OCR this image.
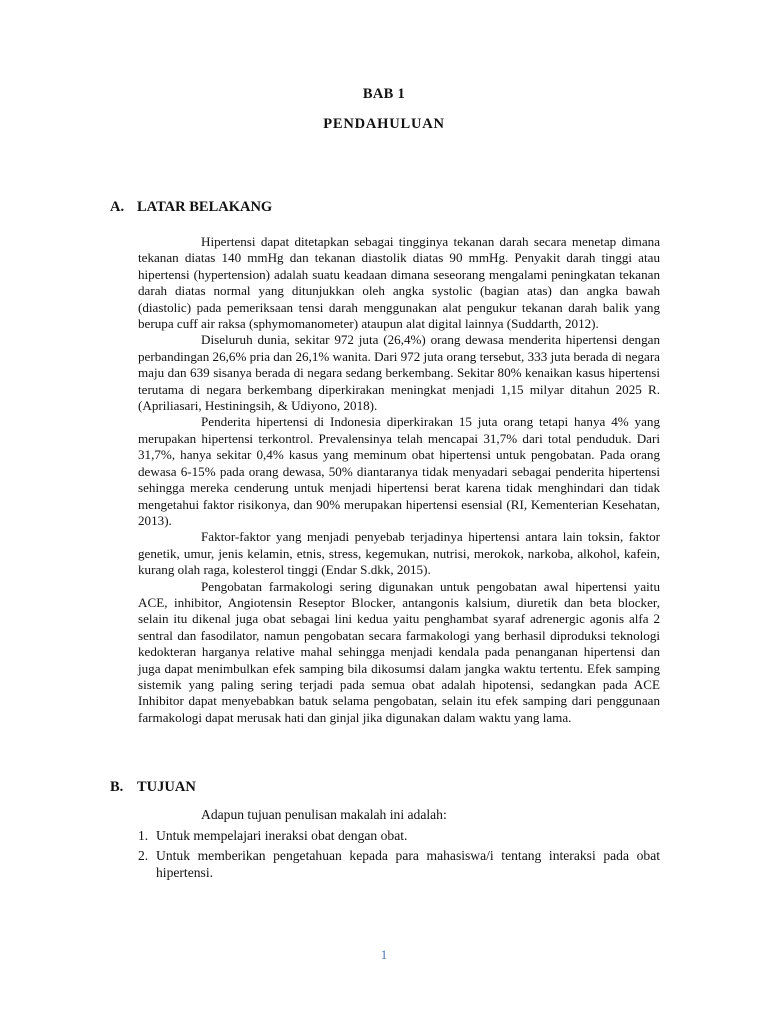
BAB 1
PENDAHULUAN
A. LATAR BELAKANG

Hipertensi dapat ditetapkan sebagai tingginya tekanan darah secara menetap dimana tekanan diatas 140 mmHg dan tekanan diastolik diatas 90 mmHg. Penyakit darah tinggi atau hipertensi (hypertension) adalah suatu keadaan dimana seseorang mengalami peningkatan tekanan darah diatas normal yang ditunjukkan oleh angka systolic (bagian atas) dan angka bawah (diastolic) pada pemeriksaan tensi darah menggunakan alat pengukur tekanan darah balik yang berupa cuff air raksa (sphymomanometer) ataupun alat digital lainnya (Suddarth, 2012).

Diseluruh dunia, sekitar 972 juta (26,4%) orang dewasa menderita hipertensi dengan perbandingan 26,6% pria dan 26,1% wanita. Dari 972 juta orang tersebut, 333 juta berada di negara maju dan 639 sisanya berada di negara sedang berkembang. Sekitar 80% kenaikan kasus hipertensi terutama di negara berkembang diperkirakan meningkat menjadi 1,15 milyar ditahun 2025 R. (Apriliasari, Hestiningsih, & Udiyono, 2018).

Penderita hipertensi di Indonesia diperkirakan 15 juta orang tetapi hanya 4% yang merupakan hipertensi terkontrol. Prevalensinya telah mencapai 31,7% dari total penduduk. Dari 31,7%, hanya sekitar 0,4% kasus yang meminum obat hipertensi untuk pengobatan. Pada orang dewasa 6-15% pada orang dewasa, 50% diantaranya tidak menyadari sebagai penderita hipertensi sehingga mereka cenderung untuk menjadi hipertensi berat karena tidak menghindari dan tidak mengetahui faktor risikonya, dan 90% merupakan hipertensi esensial (RI, Kementerian Kesehatan, 2013).

Faktor-faktor yang menjadi penyebab terjadinya hipertensi antara lain toksin, faktor genetik, umur, jenis kelamin, etnis, stress, kegemukan, nutrisi, merokok, narkoba, alkohol, kafein, kurang olah raga, kolesterol tinggi (Endar S.dkk, 2015).

Pengobatan farmakologi sering digunakan untuk pengobatan awal hipertensi yaitu ACE, inhibitor, Angiotensin Reseptor Blocker, antangonis kalsium, diuretik dan beta blocker, selain itu dikenal juga obat sebagai lini kedua yaitu penghambat syaraf adrenergic agonis alfa 2 sentral dan fasodilator, namun pengobatan secara farmakologi yang berhasil diproduksi teknologi kedokteran harganya relative mahal sehingga menjadi kendala pada penanganan hipertensi dan juga dapat menimbulkan efek samping bila dikosumsi dalam jangka waktu tertentu. Efek samping sistemik yang paling sering terjadi pada semua obat adalah hipotensi, sedangkan pada ACE Inhibitor dapat menyebabkan batuk selama pengobatan, selain itu efek samping dari penggunaan farmakologi dapat merusak hati dan ginjal jika digunakan dalam waktu yang lama.

B. TUJUAN

Adapun tujuan penulisan makalah ini adalah:

1. Untuk mempelajari ineraksi obat dengan obat.
2. Untuk memberikan pengetahuan kepada para mahasiswa/i tentang interaksi pada obat hipertensi.
1
